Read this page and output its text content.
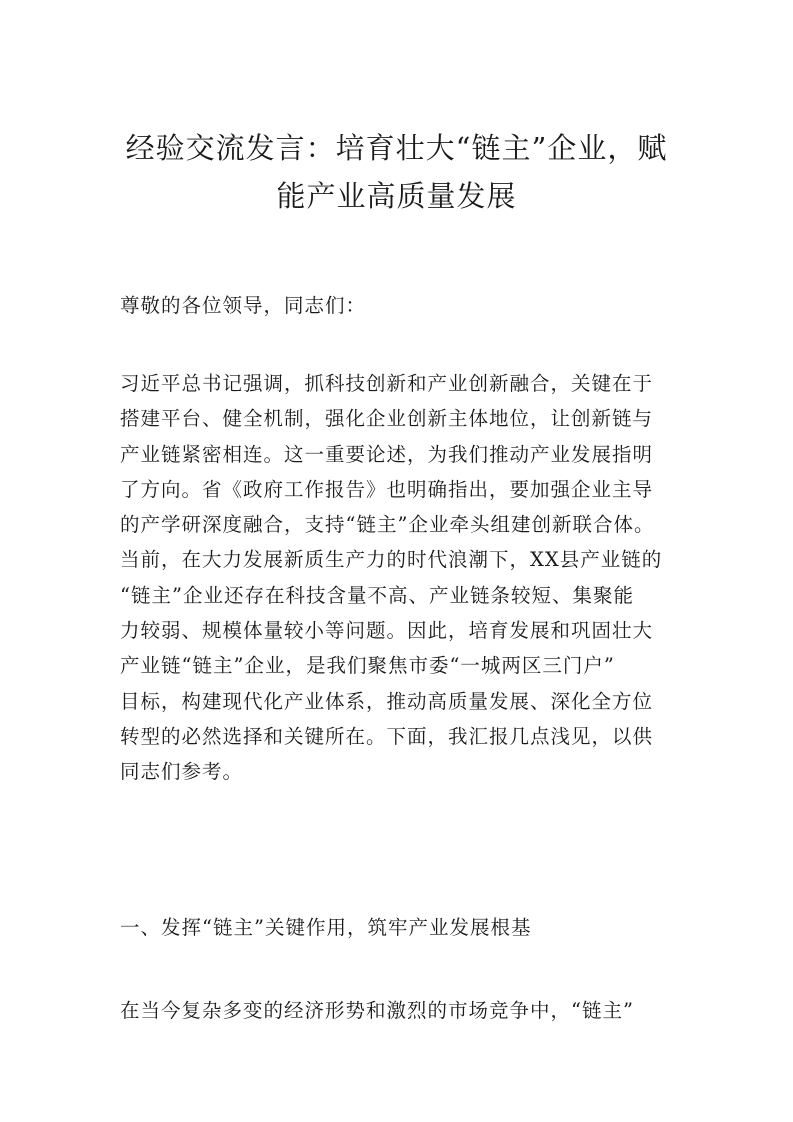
经验交流发言：培育壮大“链主”企业，赋
能产业高质量发展

尊敬的各位领导，同志们：

习近平总书记强调，抓科技创新和产业创新融合，关键在于
搭建平台、健全机制，强化企业创新主体地位，让创新链与
产业链紧密相连。这一重要论述，为我们推动产业发展指明
了方向。省《政府工作报告》也明确指出，要加强企业主导
的产学研深度融合，支持“链主”企业牵头组建创新联合体。
当前，在大力发展新质生产力的时代浪潮下，XX县产业链的
“链主”企业还存在科技含量不高、产业链条较短、集聚能
力较弱、规模体量较小等问题。因此，培育发展和巩固壮大
产业链“链主”企业，是我们聚焦市委“一城两区三门户”
目标，构建现代化产业体系，推动高质量发展、深化全方位
转型的必然选择和关键所在。下面，我汇报几点浅见，以供
同志们参考。

一、发挥“链主”关键作用，筑牢产业发展根基

在当今复杂多变的经济形势和激烈的市场竞争中，“链主”
